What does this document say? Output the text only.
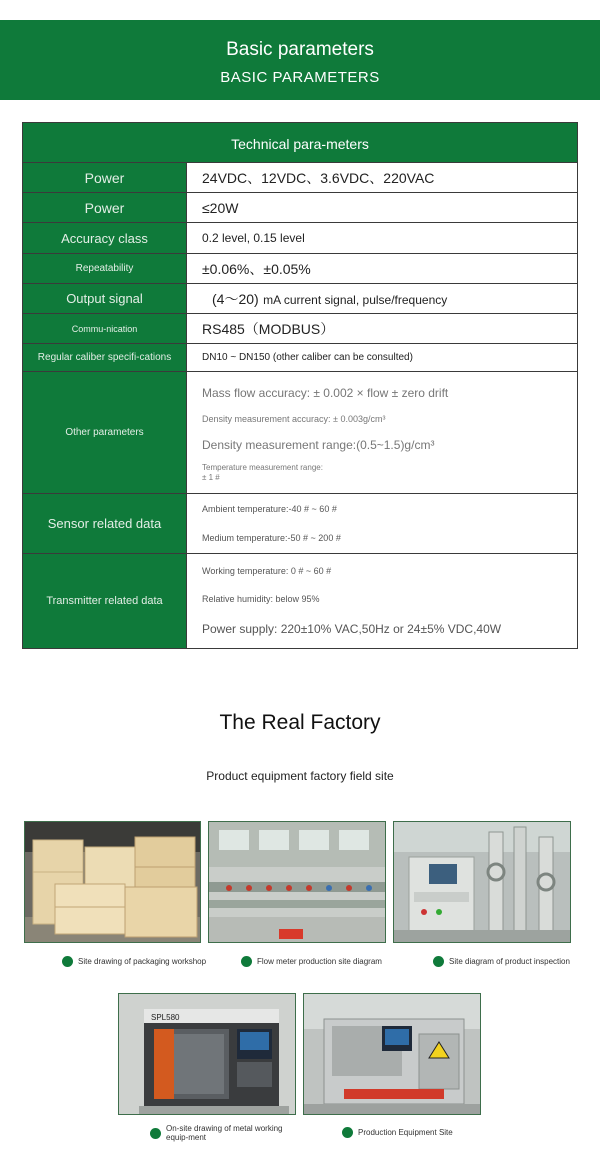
Basic parameters
BASIC PARAMETERS
Technical para-meters	
Power	24VDC、12VDC、3.6VDC、220VAC
Power	≤20W
Accuracy class	0.2 level, 0.15 level
Repeatability	±0.06%、±0.05%
Output signal	(4～20) mA current signal, pulse/frequency
Commu-nication	RS485（MODBUS）
Regular caliber specifi-cations	DN10 ~ DN150 (other caliber can be consulted)
Other parameters	Mass flow accuracy: ± 0.002 × flow ± zero drift
Density measurement accuracy: ± 0.003g/cm³
Density measurement range:(0.5~1.5)g/cm³
Temperature measurement range:
± 1 #

Sensor related data	Ambient temperature:-40 # ~ 60 #
Medium temperature:-50 # ~ 200 #

Transmitter related data	Working temperature: 0 # ~ 60 #
Relative humidity: below 95%
Power supply: 220±10% VAC,50Hz or 24±5% VDC,40W
The Real Factory
Product equipment factory field site
SPL580
Site drawing of packaging workshop	Flow meter production site diagram	Site diagram of product inspection
On-site drawing of metal working equip-ment
Production Equipment Site
